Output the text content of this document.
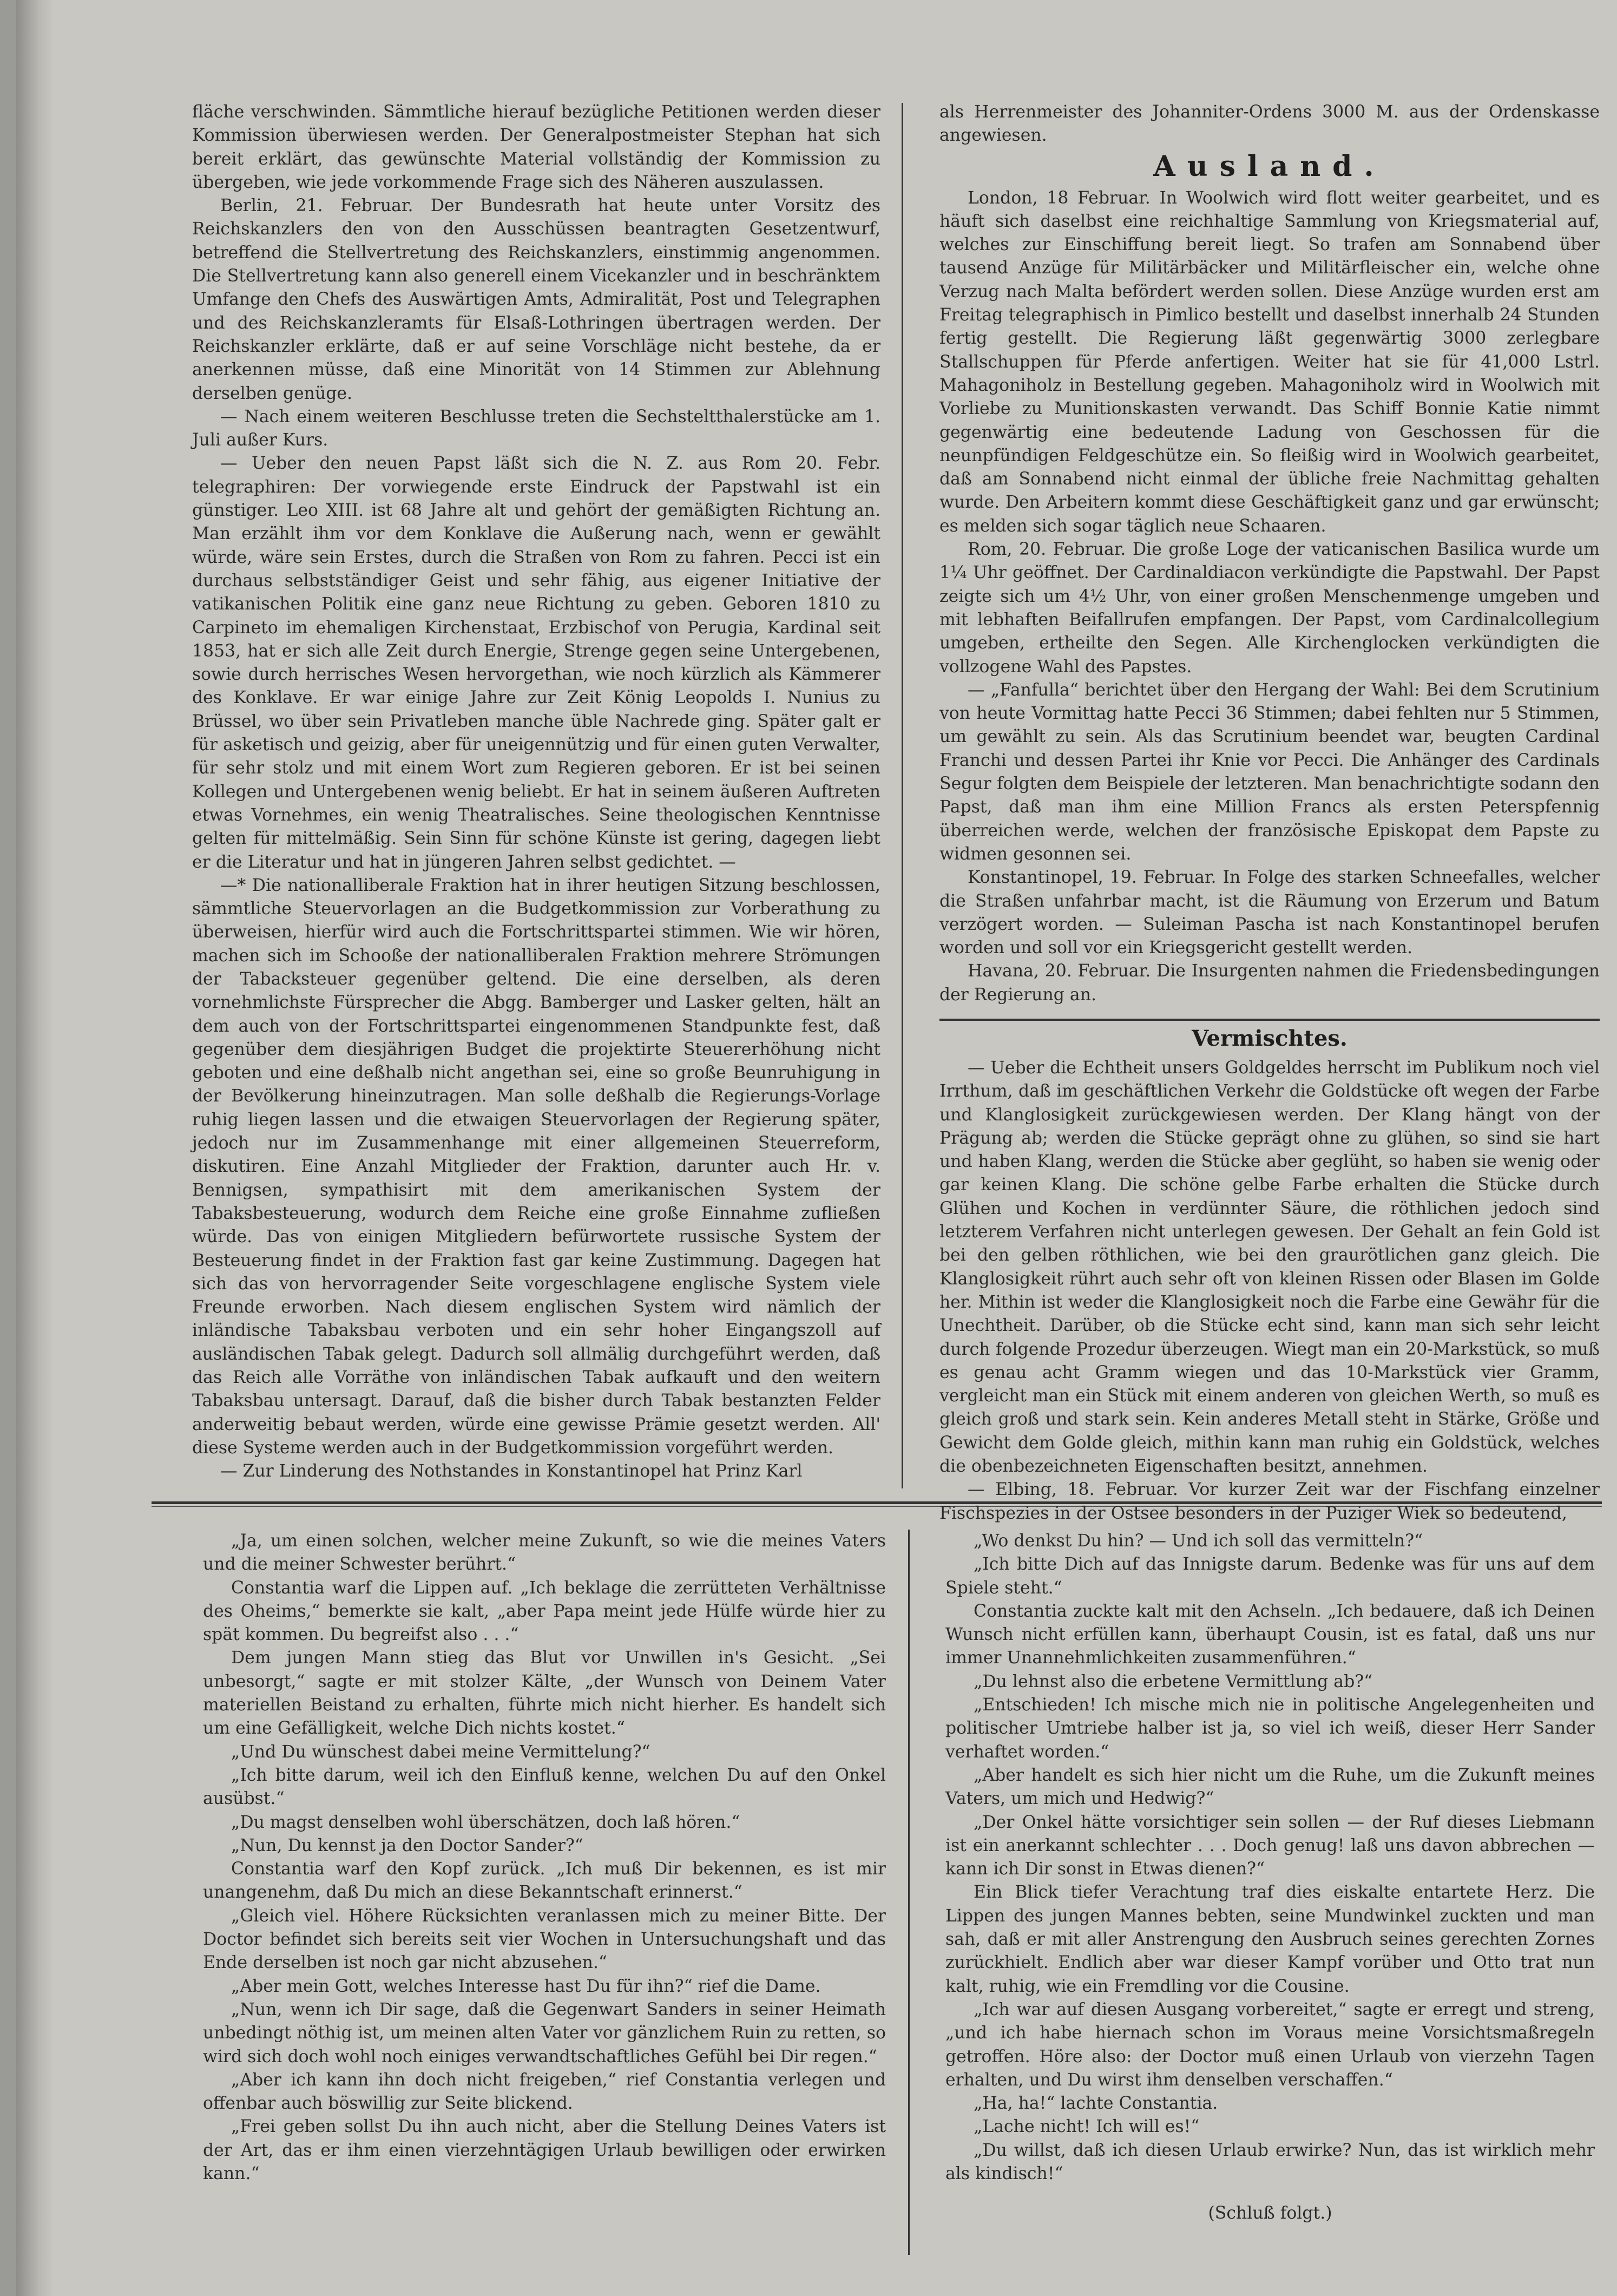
fläche verschwinden. Sämmtliche hierauf bezügliche Petitionen werden dieser Kommission überwiesen werden. Der Generalpostmeister Stephan hat sich bereit erklärt, das gewünschte Material vollständig der Kommission zu übergeben, wie jede vorkommende Frage sich des Näheren auszulassen.

Berlin, 21. Februar. Der Bundesrath hat heute unter Vorsitz des Reichskanzlers den von den Ausschüssen beantragten Gesetzentwurf, betreffend die Stellvertretung des Reichskanzlers, einstimmig angenommen. Die Stellvertretung kann also generell einem Vicekanzler und in beschränktem Umfange den Chefs des Auswärtigen Amts, Admiralität, Post und Telegraphen und des Reichskanzleramts für Elsaß-Lothringen übertragen werden. Der Reichskanzler erklärte, daß er auf seine Vorschläge nicht bestehe, da er anerkennen müsse, daß eine Minorität von 14 Stimmen zur Ablehnung derselben genüge.

— Nach einem weiteren Beschlusse treten die Sechsteltthalerstücke am 1. Juli außer Kurs.

— Ueber den neuen Papst läßt sich die N. Z. aus Rom 20. Febr. telegraphiren: Der vorwiegende erste Eindruck der Papstwahl ist ein günstiger. Leo XIII. ist 68 Jahre alt und gehört der gemäßigten Richtung an. Man erzählt ihm vor dem Konklave die Außerung nach, wenn er gewählt würde, wäre sein Erstes, durch die Straßen von Rom zu fahren. Pecci ist ein durchaus selbstständiger Geist und sehr fähig, aus eigener Initiative der vatikanischen Politik eine ganz neue Richtung zu geben. Geboren 1810 zu Carpineto im ehemaligen Kirchenstaat, Erzbischof von Perugia, Kardinal seit 1853, hat er sich alle Zeit durch Energie, Strenge gegen seine Untergebenen, sowie durch herrisches Wesen hervorgethan, wie noch kürzlich als Kämmerer des Konklave. Er war einige Jahre zur Zeit König Leopolds I. Nunius zu Brüssel, wo über sein Privatleben manche üble Nachrede ging. Später galt er für asketisch und geizig, aber für uneigennützig und für einen guten Verwalter, für sehr stolz und mit einem Wort zum Regieren geboren. Er ist bei seinen Kollegen und Untergebenen wenig beliebt. Er hat in seinem äußeren Auftreten etwas Vornehmes, ein wenig Theatralisches. Seine theologischen Kenntnisse gelten für mittelmäßig. Sein Sinn für schöne Künste ist gering, dagegen liebt er die Literatur und hat in jüngeren Jahren selbst gedichtet. —

—* Die nationalliberale Fraktion hat in ihrer heutigen Sitzung beschlossen, sämmtliche Steuervorlagen an die Budgetkommission zur Vorberathung zu überweisen, hierfür wird auch die Fortschrittspartei stimmen. Wie wir hören, machen sich im Schooße der nationalliberalen Fraktion mehrere Strömungen der Tabacksteuer gegenüber geltend. Die eine derselben, als deren vornehmlichste Fürsprecher die Abgg. Bamberger und Lasker gelten, hält an dem auch von der Fortschrittspartei eingenommenen Standpunkte fest, daß gegenüber dem diesjährigen Budget die projektirte Steuererhöhung nicht geboten und eine deßhalb nicht angethan sei, eine so große Beunruhigung in der Bevölkerung hineinzutragen. Man solle deßhalb die Regierungs-Vorlage ruhig liegen lassen und die etwaigen Steuervorlagen der Regierung später, jedoch nur im Zusammenhange mit einer allgemeinen Steuerreform, diskutiren. Eine Anzahl Mitglieder der Fraktion, darunter auch Hr. v. Bennigsen, sympathisirt mit dem amerikanischen System der Tabaksbesteuerung, wodurch dem Reiche eine große Einnahme zufließen würde. Das von einigen Mitgliedern befürwortete russische System der Besteuerung findet in der Fraktion fast gar keine Zustimmung. Dagegen hat sich das von hervorragender Seite vorgeschlagene englische System viele Freunde erworben. Nach diesem englischen System wird nämlich der inländische Tabaksbau verboten und ein sehr hoher Eingangszoll auf ausländischen Tabak gelegt. Dadurch soll allmälig durchgeführt werden, daß das Reich alle Vorräthe von inländischen Tabak aufkauft und den weitern Tabaksbau untersagt. Darauf, daß die bisher durch Tabak bestanzten Felder anderweitig bebaut werden, würde eine gewisse Prämie gesetzt werden. All' diese Systeme werden auch in der Budgetkommission vorgeführt werden.

— Zur Linderung des Nothstandes in Konstantinopel hat Prinz Karl

als Herrenmeister des Johanniter-Ordens 3000 M. aus der Ordenskasse angewiesen.

Ausland.

London, 18 Februar. In Woolwich wird flott weiter gearbeitet, und es häuft sich daselbst eine reichhaltige Sammlung von Kriegsmaterial auf, welches zur Einschiffung bereit liegt. So trafen am Sonnabend über tausend Anzüge für Militärbäcker und Militärfleischer ein, welche ohne Verzug nach Malta befördert werden sollen. Diese Anzüge wurden erst am Freitag telegraphisch in Pimlico bestellt und daselbst innerhalb 24 Stunden fertig gestellt. Die Regierung läßt gegenwärtig 3000 zerlegbare Stallschuppen für Pferde anfertigen. Weiter hat sie für 41,000 Lstrl. Mahagoniholz in Bestellung gegeben. Mahagoniholz wird in Woolwich mit Vorliebe zu Munitionskasten verwandt. Das Schiff Bonnie Katie nimmt gegenwärtig eine bedeutende Ladung von Geschossen für die neunpfündigen Feldgeschütze ein. So fleißig wird in Woolwich gearbeitet, daß am Sonnabend nicht einmal der übliche freie Nachmittag gehalten wurde. Den Arbeitern kommt diese Geschäftigkeit ganz und gar erwünscht; es melden sich sogar täglich neue Schaaren.

Rom, 20. Februar. Die große Loge der vaticanischen Basilica wurde um 1¼ Uhr geöffnet. Der Cardinaldiacon verkündigte die Papstwahl. Der Papst zeigte sich um 4½ Uhr, von einer großen Menschenmenge umgeben und mit lebhaften Beifallrufen empfangen. Der Papst, vom Cardinalcollegium umgeben, ertheilte den Segen. Alle Kirchenglocken verkündigten die vollzogene Wahl des Papstes.

— „Fanfulla“ berichtet über den Hergang der Wahl: Bei dem Scrutinium von heute Vormittag hatte Pecci 36 Stimmen; dabei fehlten nur 5 Stimmen, um gewählt zu sein. Als das Scrutinium beendet war, beugten Cardinal Franchi und dessen Partei ihr Knie vor Pecci. Die Anhänger des Cardinals Segur folgten dem Beispiele der letzteren. Man benachrichtigte sodann den Papst, daß man ihm eine Million Francs als ersten Peterspfennig überreichen werde, welchen der französische Episkopat dem Papste zu widmen gesonnen sei.

Konstantinopel, 19. Februar. In Folge des starken Schneefalles, welcher die Straßen unfahrbar macht, ist die Räumung von Erzerum und Batum verzögert worden. — Suleiman Pascha ist nach Konstantinopel berufen worden und soll vor ein Kriegsgericht gestellt werden.

Havana, 20. Februar. Die Insurgenten nahmen die Friedensbedingungen der Regierung an.

Vermischtes.

— Ueber die Echtheit unsers Goldgeldes herrscht im Publikum noch viel Irrthum, daß im geschäftlichen Verkehr die Goldstücke oft wegen der Farbe und Klanglosigkeit zurückgewiesen werden. Der Klang hängt von der Prägung ab; werden die Stücke geprägt ohne zu glühen, so sind sie hart und haben Klang, werden die Stücke aber geglüht, so haben sie wenig oder gar keinen Klang. Die schöne gelbe Farbe erhalten die Stücke durch Glühen und Kochen in verdünnter Säure, die röthlichen jedoch sind letzterem Verfahren nicht unterlegen gewesen. Der Gehalt an fein Gold ist bei den gelben röthlichen, wie bei den graurötlichen ganz gleich. Die Klanglosigkeit rührt auch sehr oft von kleinen Rissen oder Blasen im Golde her. Mithin ist weder die Klanglosigkeit noch die Farbe eine Gewähr für die Unechtheit. Darüber, ob die Stücke echt sind, kann man sich sehr leicht durch folgende Prozedur überzeugen. Wiegt man ein 20-Markstück, so muß es genau acht Gramm wiegen und das 10-Markstück vier Gramm, vergleicht man ein Stück mit einem anderen von gleichen Werth, so muß es gleich groß und stark sein. Kein anderes Metall steht in Stärke, Größe und Gewicht dem Golde gleich, mithin kann man ruhig ein Goldstück, welches die obenbezeichneten Eigenschaften besitzt, annehmen.

— Elbing, 18. Februar. Vor kurzer Zeit war der Fischfang einzelner Fischspezies in der Ostsee besonders in der Puziger Wiek so bedeutend,

„Ja, um einen solchen, welcher meine Zukunft, so wie die meines Vaters und die meiner Schwester berührt.“

Constantia warf die Lippen auf. „Ich beklage die zerrütteten Verhältnisse des Oheims,“ bemerkte sie kalt, „aber Papa meint jede Hülfe würde hier zu spät kommen. Du begreifst also . . .“

Dem jungen Mann stieg das Blut vor Unwillen in's Gesicht. „Sei unbesorgt,“ sagte er mit stolzer Kälte, „der Wunsch von Deinem Vater materiellen Beistand zu erhalten, führte mich nicht hierher. Es handelt sich um eine Gefälligkeit, welche Dich nichts kostet.“

„Und Du wünschest dabei meine Vermittelung?“

„Ich bitte darum, weil ich den Einfluß kenne, welchen Du auf den Onkel ausübst.“

„Du magst denselben wohl überschätzen, doch laß hören.“

„Nun, Du kennst ja den Doctor Sander?“

Constantia warf den Kopf zurück. „Ich muß Dir bekennen, es ist mir unangenehm, daß Du mich an diese Bekanntschaft erinnerst.“

„Gleich viel. Höhere Rücksichten veranlassen mich zu meiner Bitte. Der Doctor befindet sich bereits seit vier Wochen in Untersuchungshaft und das Ende derselben ist noch gar nicht abzusehen.“

„Aber mein Gott, welches Interesse hast Du für ihn?“ rief die Dame.

„Nun, wenn ich Dir sage, daß die Gegenwart Sanders in seiner Heimath unbedingt nöthig ist, um meinen alten Vater vor gänzlichem Ruin zu retten, so wird sich doch wohl noch einiges verwandtschaftliches Gefühl bei Dir regen.“

„Aber ich kann ihn doch nicht freigeben,“ rief Constantia verlegen und offenbar auch böswillig zur Seite blickend.

„Frei geben sollst Du ihn auch nicht, aber die Stellung Deines Vaters ist der Art, das er ihm einen vierzehntägigen Urlaub bewilligen oder erwirken kann.“

„Wo denkst Du hin? — Und ich soll das vermitteln?“

„Ich bitte Dich auf das Innigste darum. Bedenke was für uns auf dem Spiele steht.“

Constantia zuckte kalt mit den Achseln. „Ich bedauere, daß ich Deinen Wunsch nicht erfüllen kann, überhaupt Cousin, ist es fatal, daß uns nur immer Unannehmlichkeiten zusammenführen.“

„Du lehnst also die erbetene Vermittlung ab?“

„Entschieden! Ich mische mich nie in politische Angelegenheiten und politischer Umtriebe halber ist ja, so viel ich weiß, dieser Herr Sander verhaftet worden.“

„Aber handelt es sich hier nicht um die Ruhe, um die Zukunft meines Vaters, um mich und Hedwig?“

„Der Onkel hätte vorsichtiger sein sollen — der Ruf dieses Liebmann ist ein anerkannt schlechter . . . Doch genug! laß uns davon abbrechen — kann ich Dir sonst in Etwas dienen?“

Ein Blick tiefer Verachtung traf dies eiskalte entartete Herz. Die Lippen des jungen Mannes bebten, seine Mundwinkel zuckten und man sah, daß er mit aller Anstrengung den Ausbruch seines gerechten Zornes zurückhielt. Endlich aber war dieser Kampf vorüber und Otto trat nun kalt, ruhig, wie ein Fremdling vor die Cousine.

„Ich war auf diesen Ausgang vorbereitet,“ sagte er erregt und streng, „und ich habe hiernach schon im Voraus meine Vorsichtsmaßregeln getroffen. Höre also: der Doctor muß einen Urlaub von vierzehn Tagen erhalten, und Du wirst ihm denselben verschaffen.“

„Ha, ha!“ lachte Constantia.

„Lache nicht! Ich will es!“

„Du willst, daß ich diesen Urlaub erwirke? Nun, das ist wirklich mehr als kindisch!“

(Schluß folgt.)
